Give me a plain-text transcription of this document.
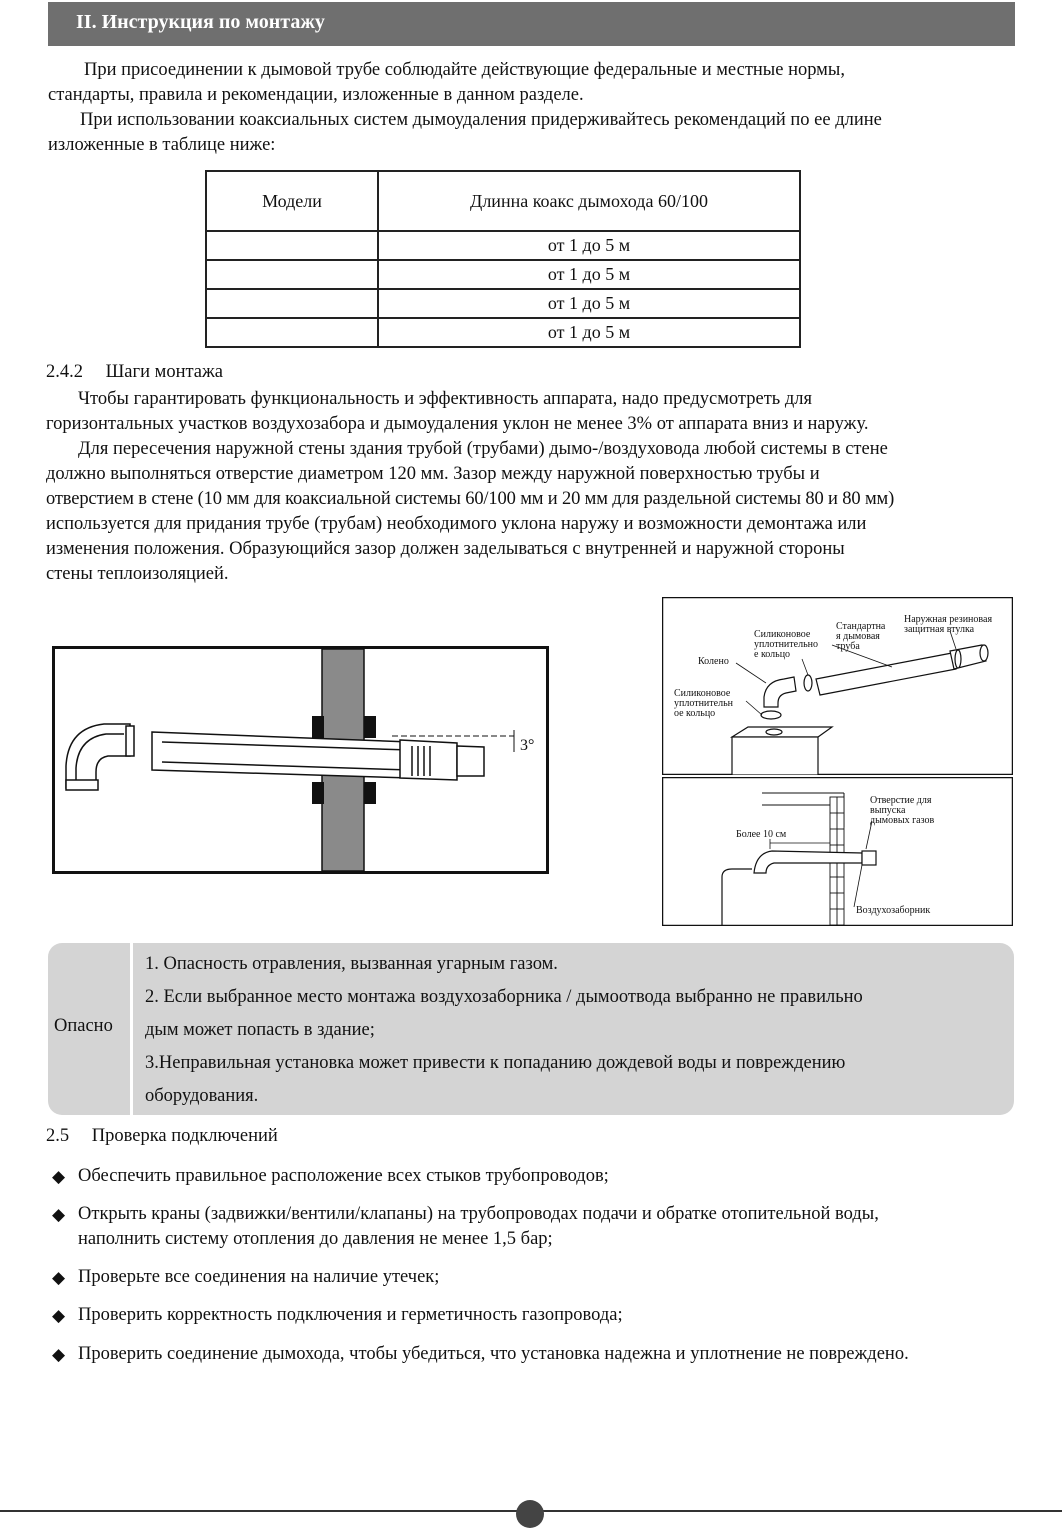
II. Инструкция по монтажу
При присоединении к дымовой трубе соблюдайте действующие федеральные и местные нормы,
стандарты, правила и рекомендации, изложенные в данном разделе.
При использовании коаксиальных систем дымоудаления придерживайтесь рекомендаций по ее длине
изложенные в таблице ниже:
Модели	Длинна коакс дымохода 60/100
	от 1 до 5 м
	от 1 до 5 м
	от 1 до 5 м
	от 1 до 5 м
2.4.2 Шаги монтажа
Чтобы гарантировать функциональность и эффективность аппарата, надо предусмотреть для
горизонтальных участков воздухозабора и дымоудаления уклон не менее 3% от аппарата вниз и наружу.
Для пересечения наружной стены здания трубой (трубами) дымо-/воздуховода любой системы в стене
должно выполняться отверстие диаметром 120 мм. Зазор между наружной поверхностью трубы и
отверстием в стене (10 мм для коаксиальной системы 60/100 мм и 20 мм для раздельной системы 80 и 80 мм)
используется для придания трубе (трубам) необходимого уклона наружу и возможности демонтажа или
изменения положения. Образующийся зазор должен заделываться с внутренней и наружной стороны
стены теплоизоляцией.
3°
Колено
Силиконовое
уплотнительн
ое кольцо
Силиконовое
уплотнительно
е кольцо
Стандартна
я дымовая
труба
Наружная резиновая
защитная втулка
Более 10 см
Отверстие для
выпуска
дымовых газов
Воздухозаборник
Опасно
1. Опасность отравления, вызванная угарным газом.
2. Если выбранное место монтажа воздухозаборника / дымоотвода выбранно не правильно
дым может попасть в здание;
3.Неправильная установка может привести к попаданию дождевой воды и повреждению
оборудования.
2.5 Проверка подключений
◆ Обеспечить правильное расположение всех стыков трубопроводов;
◆ Открыть краны (задвижки/вентили/клапаны) на трубопроводах подачи и обратке отопительной воды,
наполнить систему отопления до давления не менее 1,5 бар;
◆ Проверьте все соединения на наличие утечек;
◆ Проверить корректность подключения и герметичность газопровода;
◆ Проверить соединение дымохода, чтобы убедиться, что установка надежна и уплотнение не повреждено.
